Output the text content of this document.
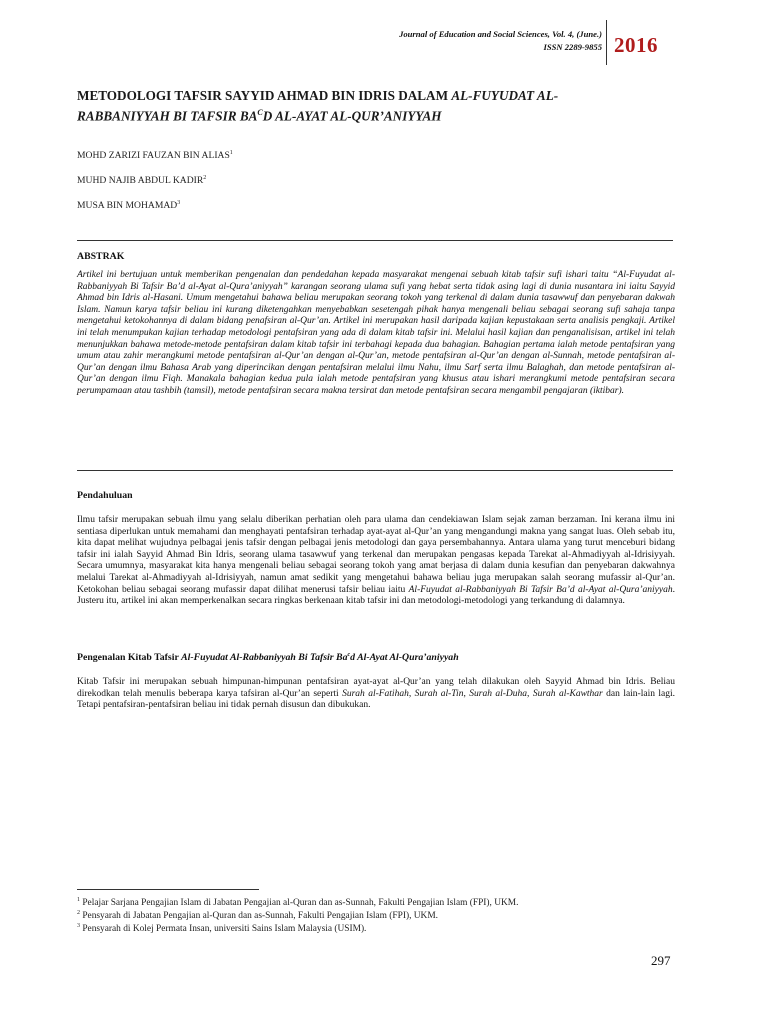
Journal of Education and Social Sciences, Vol. 4, (June.)
ISSN 2289-9855 2016
METODOLOGI TAFSIR SAYYID AHMAD BIN IDRIS DALAM AL-FUYUDAT AL-
RABBANIYYAH BI TAFSIR $BA^CD$ AL-AYAT AL-QUR’ANIYYAH
MOHD ZARIZI FAUZAN BIN ALIAS$^1$
MUHD NAJIB ABDUL KADIR$^2$
MUSA BIN MOHAMAD$^3$
ABSTRAK
Artikel ini bertujuan untuk memberikan pengenalan dan pendedahan kepada masyarakat mengenai sebuah kitab tafsir sufi ishari taitu “Al-Fuyudat al-Rabbaniyyah Bi Tafsir Ba’d al-Ayat al-Qura’aniyyah” karangan seorang ulama sufi yang hebat serta tidak asing lagi di dunia nusantara ini iaitu Sayyid Ahmad bin Idris al-Hasani. Umum mengetahui bahawa beliau merupakan seorang tokoh yang terkenal di dalam dunia tasawwuf dan penyebaran dakwah Islam. Namun karya tafsir beliau ini kurang diketengahkan menyebabkan sesetengah pihak hanya mengenali beliau sebagai seorang sufi sahaja tanpa mengetahui ketokohannya di dalam bidang penafsiran al-Qur’an. Artikel ini merupakan hasil daripada kajian kepustakaan serta analisis pengkaji. Artikel ini telah menumpukan kajian terhadap metodologi pentafsiran yang ada di dalam kitab tafsir ini. Melalui hasil kajian dan penganalisisan, artikel ini telah menunjukkan bahawa metode-metode pentafsiran dalam kitab tafsir ini terbahagi kepada dua bahagian. Bahagian pertama ialah metode pentafsiran yang umum atau zahir merangkumi metode pentafsiran al-Qur’an dengan al-Qur’an, metode pentafsiran al-Qur’an dengan al-Sunnah, metode pentafsiran al-Qur’an dengan ilmu Bahasa Arab yang diperincikan dengan pentafsiran melalui ilmu Nahu, ilmu Sarf serta ilmu Balaghah, dan metode pentafsiran al-Qur’an dengan ilmu Fiqh. Manakala bahagian kedua pula ialah metode pentafsiran yang khusus atau ishari merangkumi metode pentafsiran secara perumpamaan atau tashbih (tamsil), metode pentafsiran secara makna tersirat dan metode pentafsiran secara mengambil pengajaran (iktibar).
Pendahuluan
Ilmu tafsir merupakan sebuah ilmu yang selalu diberikan perhatian oleh para ulama dan cendekiawan Islam sejak zaman berzaman. Ini kerana ilmu ini sentiasa diperlukan untuk memahami dan menghayati pentafsiran terhadap ayat-ayat al-Qur’an yang mengandungi makna yang sangat luas. Oleh sebab itu, kita dapat melihat wujudnya pelbagai jenis tafsir dengan pelbagai jenis metodologi dan gaya persembahannya. Antara ulama yang turut menceburi bidang tafsir ini ialah Sayyid Ahmad Bin Idris, seorang ulama tasawwuf yang terkenal dan merupakan pengasas kepada Tarekat al-Ahmadiyyah al-Idrisiyyah. Secara umumnya, masyarakat kita hanya mengenali beliau sebagai seorang tokoh yang amat berjasa di dalam dunia kesufian dan penyebaran dakwahnya melalui Tarekat al-Ahmadiyyah al-Idrisiyyah, namun amat sedikit yang mengetahui bahawa beliau juga merupakan salah seorang mufassir al-Qur’an. Ketokohan beliau sebagai seorang mufassir dapat dilihat menerusi tafsir beliau iaitu Al-Fuyudat al-Rabbaniyyah Bi Tafsir Ba’d al-Ayat al-Qura’aniyyah. Justeru itu, artikel ini akan memperkenalkan secara ringkas berkenaan kitab tafsir ini dan metodologi-metodologi yang terkandung di dalamnya.
Pengenalan Kitab Tafsir Al-Fuyudat Al-Rabbaniyyah Bi Tafsir Ba$^c$d Al-Ayat Al-Qura’aniyyah
Kitab Tafsir ini merupakan sebuah himpunan-himpunan pentafsiran ayat-ayat al-Qur’an yang telah dilakukan oleh Sayyid Ahmad bin Idris. Beliau direkodkan telah menulis beberapa karya tafsiran al-Qur’an seperti Surah al-Fatihah, Surah al-Tin, Surah al-Duha, Surah al-Kawthar dan lain-lain lagi. Tetapi pentafsiran-pentafsiran beliau ini tidak pernah disusun dan dibukukan.
$^1$ Pelajar Sarjana Pengajian Islam di Jabatan Pengajian al-Quran dan as-Sunnah, Fakulti Pengajian Islam (FPI), UKM.
$^2$ Pensyarah di Jabatan Pengajian al-Quran dan as-Sunnah, Fakulti Pengajian Islam (FPI), UKM.
$^3$ Pensyarah di Kolej Permata Insan, universiti Sains Islam Malaysia (USIM).
297
